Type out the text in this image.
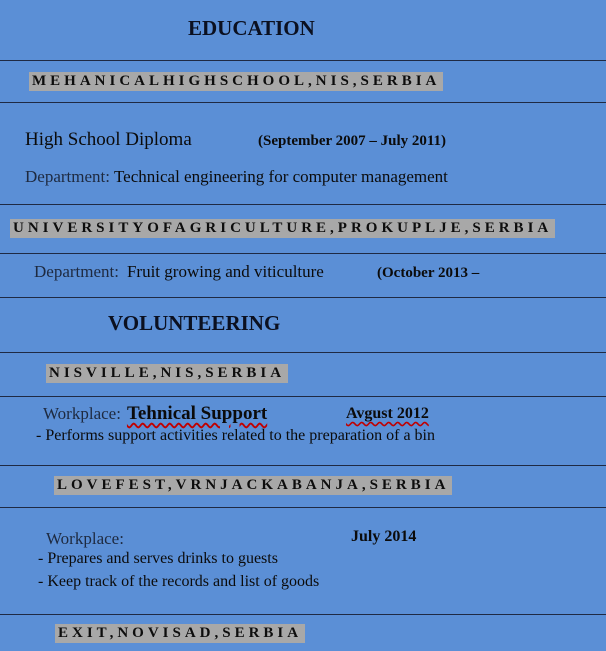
EDUCATION
MEHANICALHIGHSCHOOL,NIS,SERBIA
High School Diploma	(September 2007 – July 2011)
Department: Technical engineering for computer management
UNIVERSITYOFAGRICULTURE,PROKUPLJE,SERBIA
Department: Fruit growing and viticulture	(October 2013 –
VOLUNTEERING
NISVILLE,NIS,SERBIA
Workplace: Tehnical Support	Avgust 2012
- Performs support activities related to the preparation of a bin
LOVEFEST,VRNJACKABANJA,SERBIA
Workplace:	July 2014
- Prepares and serves drinks to guests
- Keep track of the records and list of goods
EXIT,NOVISAD,SERBIA
